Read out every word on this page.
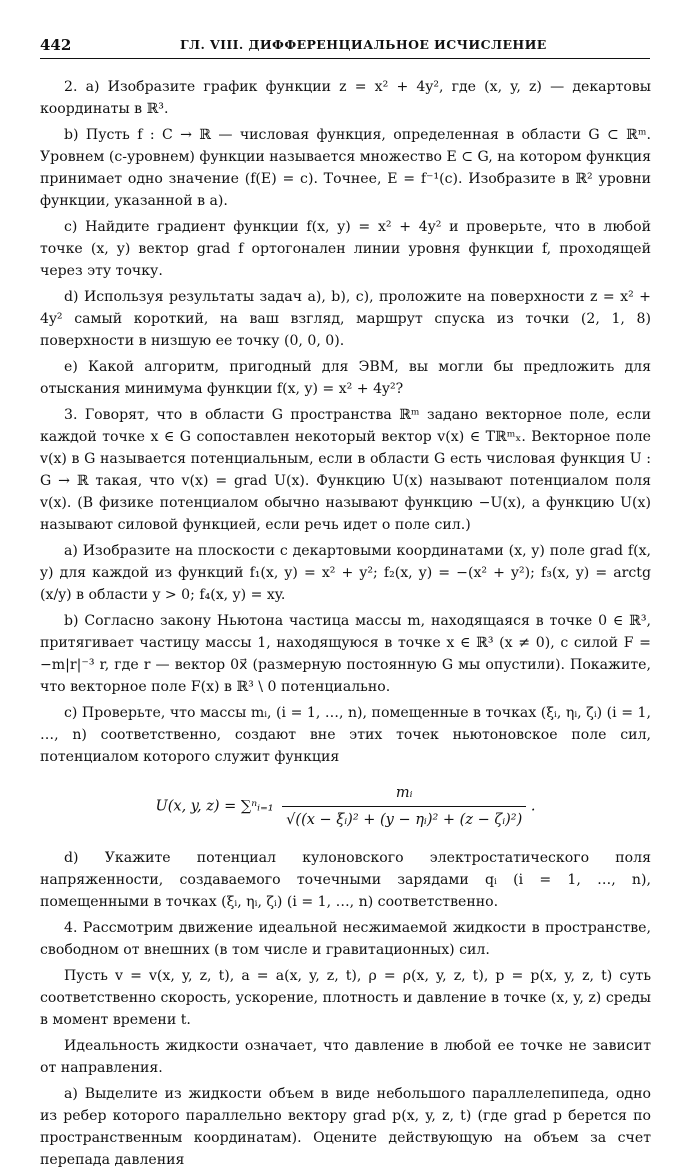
442	ГЛ. VIII. ДИФФЕРЕНЦИАЛЬНОЕ ИСЧИСЛЕНИЕ

2. a) Изобразите график функции z = x² + 4y², где (x, y, z) — декартовы координаты в ℝ³.

b) Пусть f : C → ℝ — числовая функция, определенная в области G ⊂ ℝᵐ. Уровнем (c-уровнем) функции называется множество E ⊂ G, на котором функция принимает одно значение (f(E) = c). Точнее, E = f⁻¹(c). Изобразите в ℝ² уровни функции, указанной в a).

c) Найдите градиент функции f(x, y) = x² + 4y² и проверьте, что в любой точке (x, y) вектор grad f ортогонален линии уровня функции f, проходящей через эту точку.

d) Используя результаты задач a), b), c), проложите на поверхности z = x² + 4y² самый короткий, на ваш взгляд, маршрут спуска из точки (2, 1, 8) поверхности в низшую ее точку (0, 0, 0).

e) Какой алгоритм, пригодный для ЭВМ, вы могли бы предложить для отыскания минимума функции f(x, y) = x² + 4y²?

3. Говорят, что в области G пространства ℝᵐ задано векторное поле, если каждой точке x ∈ G сопоставлен некоторый вектор v(x) ∈ Tℝᵐₓ. Векторное поле v(x) в G называется потенциальным, если в области G есть числовая функция U : G → ℝ такая, что v(x) = grad U(x). Функцию U(x) называют потенциалом поля v(x). (В физике потенциалом обычно называют функцию −U(x), а функцию U(x) называют силовой функцией, если речь идет о поле сил.)

a) Изобразите на плоскости с декартовыми координатами (x, y) поле grad f(x, y) для каждой из функций f₁(x, y) = x² + y²; f₂(x, y) = −(x² + y²); f₃(x, y) = arctg (x/y) в области y > 0; f₄(x, y) = xy.

b) Согласно закону Ньютона частица массы m, находящаяся в точке 0 ∈ ℝ³, притягивает частицу массы 1, находящуюся в точке x ∈ ℝ³ (x ≠ 0), с силой F = −m|r|⁻³ r, где r — вектор 0x⃗ (размерную постоянную G мы опустили). Покажите, что векторное поле F(x) в ℝ³ \ 0 потенциально.

c) Проверьте, что массы mᵢ, (i = 1, …, n), помещенные в точках (ξᵢ, ηᵢ, ζᵢ) (i = 1, …, n) соответственно, создают вне этих точек ньютоновское поле сил, потенциалом которого служит функция

U(x, y, z) = ∑ⁿᵢ₌₁ $\frac{\text{mᵢ}}{\text{√((x − ξᵢ)² + (y − ηᵢ)² + (z − ζᵢ)²)}}$ .

d) Укажите потенциал кулоновского электростатического поля напряженности, создаваемого точечными зарядами qᵢ (i = 1, …, n), помещенными в точках (ξᵢ, ηᵢ, ζᵢ) (i = 1, …, n) соответственно.

4. Рассмотрим движение идеальной несжимаемой жидкости в пространстве, свободном от внешних (в том числе и гравитационных) сил.

Пусть v = v(x, y, z, t), a = a(x, y, z, t), ρ = ρ(x, y, z, t), p = p(x, y, z, t) суть соответственно скорость, ускорение, плотность и давление в точке (x, y, z) среды в момент времени t.

Идеальность жидкости означает, что давление в любой ее точке не зависит от направления.

a) Выделите из жидкости объем в виде небольшого параллелепипеда, одно из ребер которого параллельно вектору grad p(x, y, z, t) (где grad p берется по пространственным координатам). Оцените действующую на объем за счет перепада давления
